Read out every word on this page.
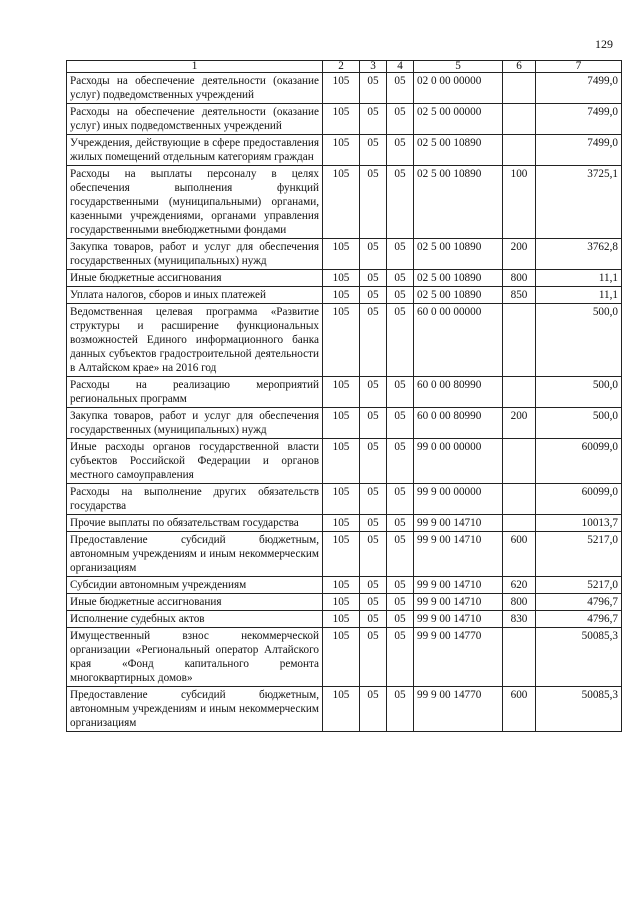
129
1	2	3	4	5	6	7
Расходы на обеспечение деятельности (оказание услуг) подведомственных учреждений	105	05	05	02 0 00 00000		7499,0
Расходы на обеспечение деятельности (оказание услуг) иных подведомственных учреждений	105	05	05	02 5 00 00000		7499,0
Учреждения, действующие в сфере предоставления жилых помещений отдельным категориям граждан	105	05	05	02 5 00 10890		7499,0
Расходы на выплаты персоналу в целях обеспечения выполнения функций государственными (муниципальными) органами, казенными учреждениями, органами управления государственными внебюджетными фондами	105	05	05	02 5 00 10890	100	3725,1
Закупка товаров, работ и услуг для обеспечения государственных (муниципальных) нужд	105	05	05	02 5 00 10890	200	3762,8
Иные бюджетные ассигнования	105	05	05	02 5 00 10890	800	11,1
Уплата налогов, сборов и иных платежей	105	05	05	02 5 00 10890	850	11,1
Ведомственная целевая программа «Развитие структуры и расширение функциональных возможностей Единого информационного банка данных субъектов градостроительной деятельности в Алтайском крае» на 2016 год	105	05	05	60 0 00 00000		500,0
Расходы на реализацию мероприятий региональных программ	105	05	05	60 0 00 80990		500,0
Закупка товаров, работ и услуг для обеспечения государственных (муниципальных) нужд	105	05	05	60 0 00 80990	200	500,0
Иные расходы органов государственной власти субъектов Российской Федерации и органов местного самоуправления	105	05	05	99 0 00 00000		60099,0
Расходы на выполнение других обязательств государства	105	05	05	99 9 00 00000		60099,0
Прочие выплаты по обязательствам государства	105	05	05	99 9 00 14710		10013,7
Предоставление субсидий бюджетным, автономным учреждениям и иным некоммерческим организациям	105	05	05	99 9 00 14710	600	5217,0
Субсидии автономным учреждениям	105	05	05	99 9 00 14710	620	5217,0
Иные бюджетные ассигнования	105	05	05	99 9 00 14710	800	4796,7
Исполнение судебных актов	105	05	05	99 9 00 14710	830	4796,7
Имущественный взнос некоммерческой организации «Региональный оператор Алтайского края «Фонд капитального ремонта многоквартирных домов»	105	05	05	99 9 00 14770		50085,3
Предоставление субсидий бюджетным, автономным учреждениям и иным некоммерческим организациям	105	05	05	99 9 00 14770	600	50085,3
